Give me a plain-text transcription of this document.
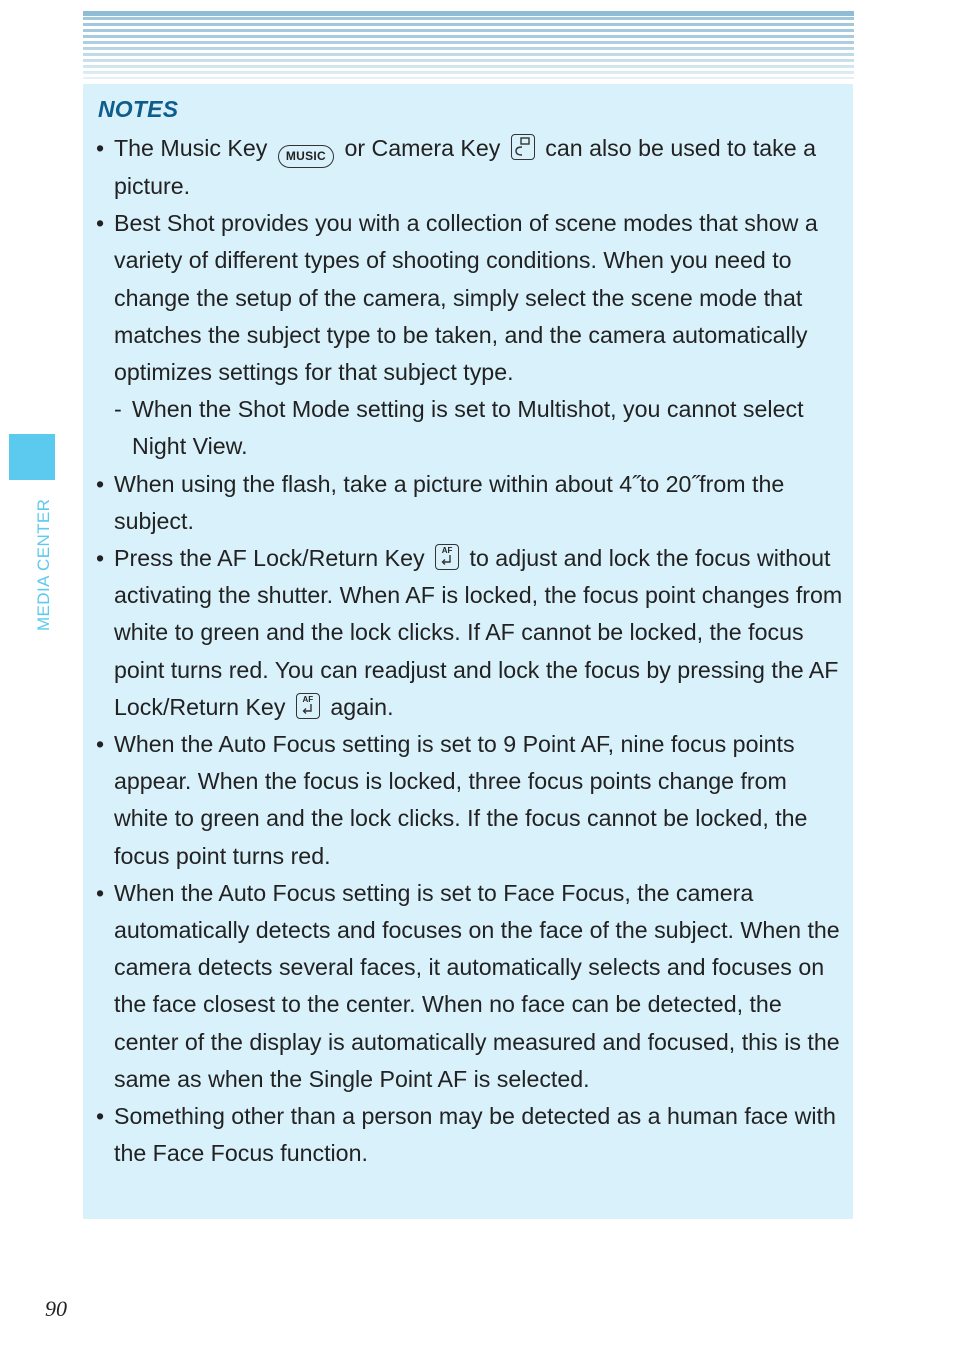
NOTES
• The Music Key MUSIC or Camera Key can also be used to take a picture.
• Best Shot provides you with a collection of scene modes that show a variety of different types of shooting conditions. When you need to change the setup of the camera, simply select the scene mode that matches the subject type to be taken, and the camera automatically optimizes settings for that subject type.
- When the Shot Mode setting is set to Multishot, you cannot select Night View.
• When using the flash, take a picture within about 4˝to 20˝from the subject.
• Press the AF Lock/Return Key	AF to adjust and lock the focus without activating the shutter. When AF is locked, the focus point changes from white to green and the lock clicks. If AF cannot be locked, the focus point turns red. You can readjust and lock the focus by pressing the AF Lock/Return Key	AF again.
• When the Auto Focus setting is set to 9 Point AF, nine focus points appear. When the focus is locked, three focus points change from white to green and the lock clicks. If the focus cannot be locked, the focus point turns red.
• When the Auto Focus setting is set to Face Focus, the camera automatically detects and focuses on the face of the subject. When the camera detects several faces, it automatically selects and focuses on the face closest to the center. When no face can be detected, the center of the display is automatically measured and focused, this is the same as when the Single Point AF is selected.
• Something other than a person may be detected as a human face with the Face Focus function.
MEDIA CENTER
90
